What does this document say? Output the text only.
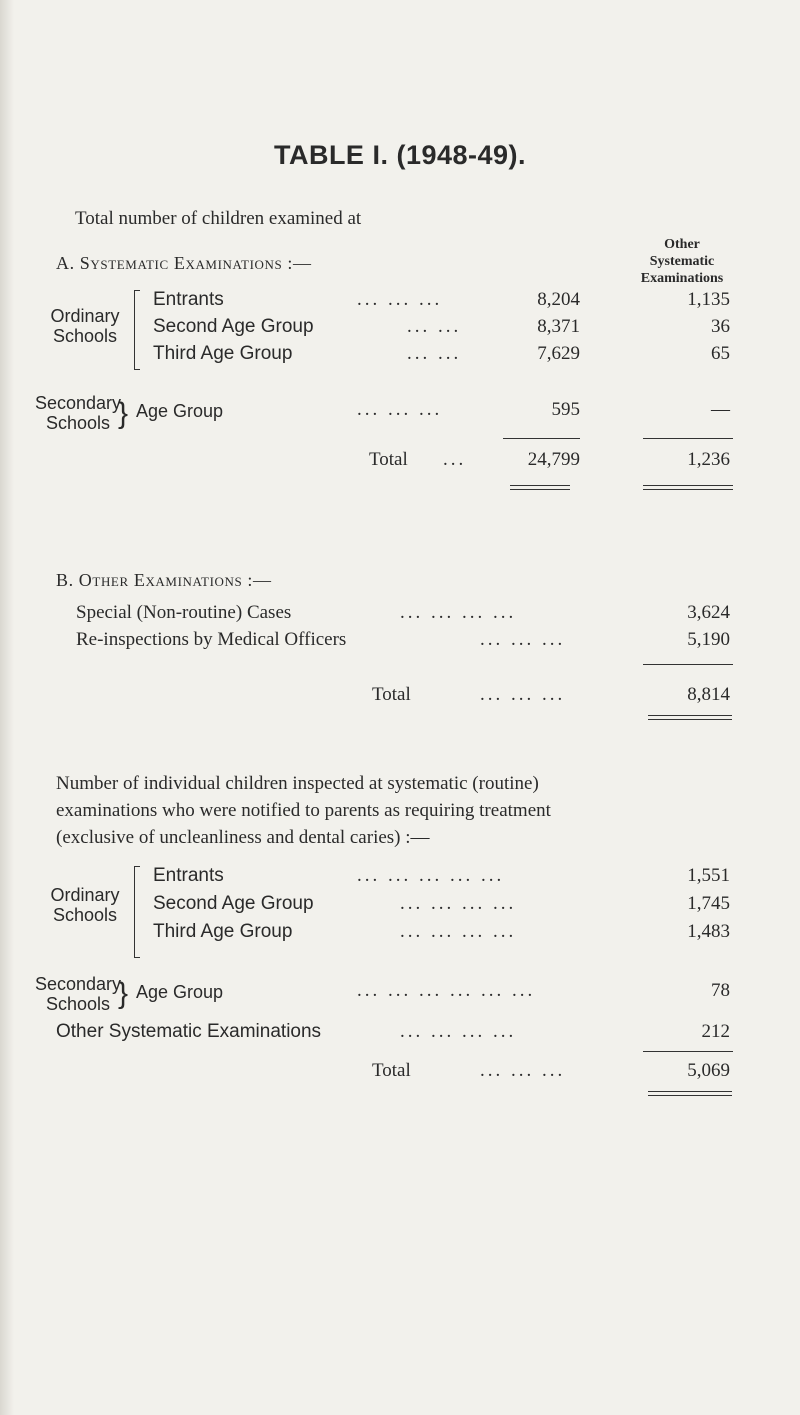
TABLE I. (1948-49).
Total number of children examined at
A. Systematic Examinations :—
Other
Systematic
Examinations
Ordinary
Schools
Entrants	... ... ...	8,204	1,135
Second Age Group	... ...	8,371	36
Third Age Group	... ...	7,629	65
Secondary
Schools } Age Group	... ... ...	595	—
Total ...	24,799	1,236
B. Other Examinations :—
Special (Non-routine) Cases	... ... ... ...	3,624
Re-inspections by Medical Officers	... ... ...	5,190
Total	... ... ...	8,814
Number of individual children inspected at systematic (routine)
examinations who were notified to parents as requiring treatment
(exclusive of uncleanliness and dental caries) :—
Ordinary
Schools
Entrants	... ... ... ... ...	1,551
Second Age Group	... ... ... ...	1,745
Third Age Group	... ... ... ...	1,483
Secondary
Schools } Age Group	... ... ... ... ... ...	78
Other Systematic Examinations	... ... ... ...	212
Total	... ... ...	5,069
